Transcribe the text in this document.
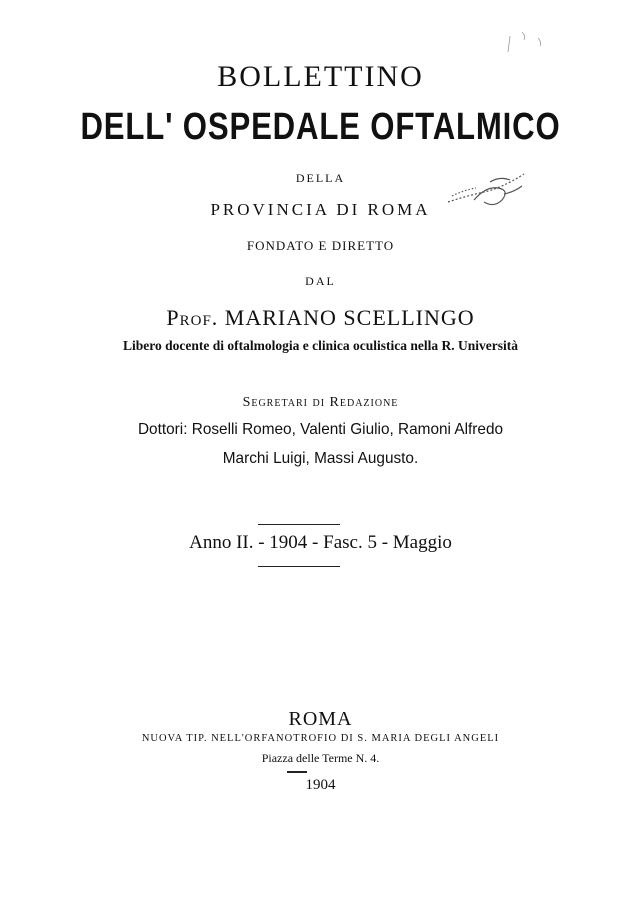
BOLLETTINO
DELL' OSPEDALE OFTALMICO
DELLA
PROVINCIA DI ROMA
FONDATO E DIRETTO
DAL
Prof. MARIANO SCELLINGO
Libero docente di oftalmologia e clinica oculistica nella R. Università
Segretari di Redazione
Dottori: Roselli Romeo, Valenti Giulio, Ramoni Alfredo
Marchi Luigi, Massi Augusto.
Anno II. - 1904 - Fasc. 5 - Maggio
ROMA
NUOVA TIP. NELL'ORFANOTROFIO DI S. MARIA DEGLI ANGELI
Piazza delle Terme N. 4.
1904
